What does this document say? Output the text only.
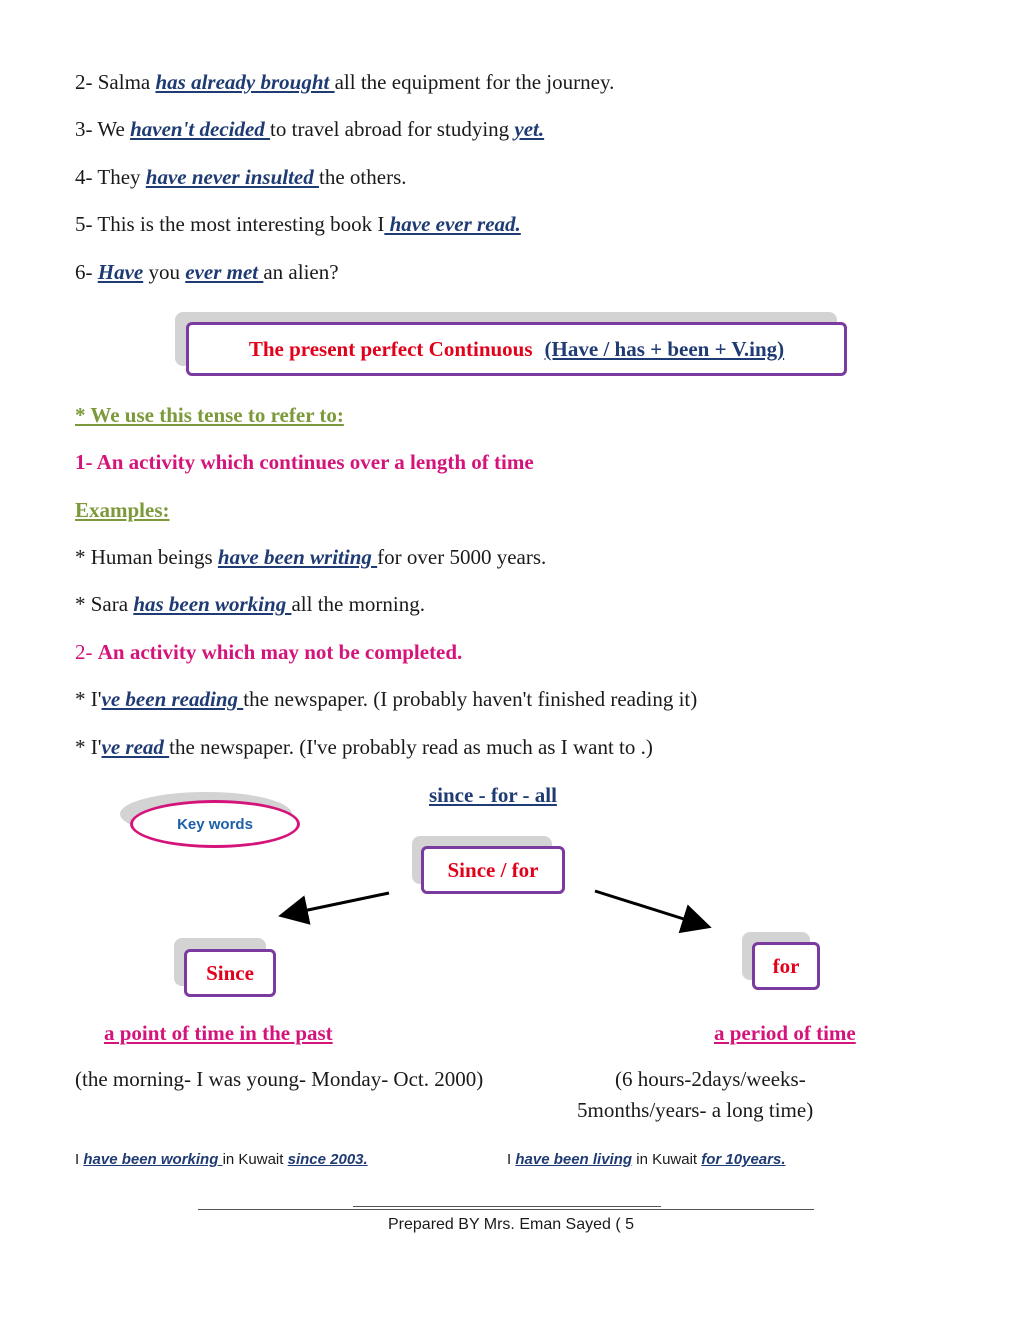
2- Salma has already brought all the equipment for the journey.
3- We haven't decided to travel abroad for studying yet.
4- They have never insulted the others.
5- This is the most interesting book I have ever read.
6- Have you ever met an alien?
The present perfect Continuous (Have / has + been + V.ing)
* We use this tense to refer to:
1- An activity which continues over a length of time
Examples:
* Human beings have been writing for over 5000 years.
* Sara has been working all the morning.
2- An activity which may not be completed.
* I've been reading the newspaper. (I probably haven't finished reading it)
* I've read the newspaper. (I've probably read as much as I want to .)
since - for - all
Key words
Since / for
Since	for
a point of time in the past	a period of time
(the morning- I was young- Monday- Oct. 2000)	(6 hours-2days/weeks-
5months/years- a long time)
I have been working in Kuwait since 2003.	I have been living in Kuwait for 10years.
Prepared BY Mrs. Eman Sayed ( 5
